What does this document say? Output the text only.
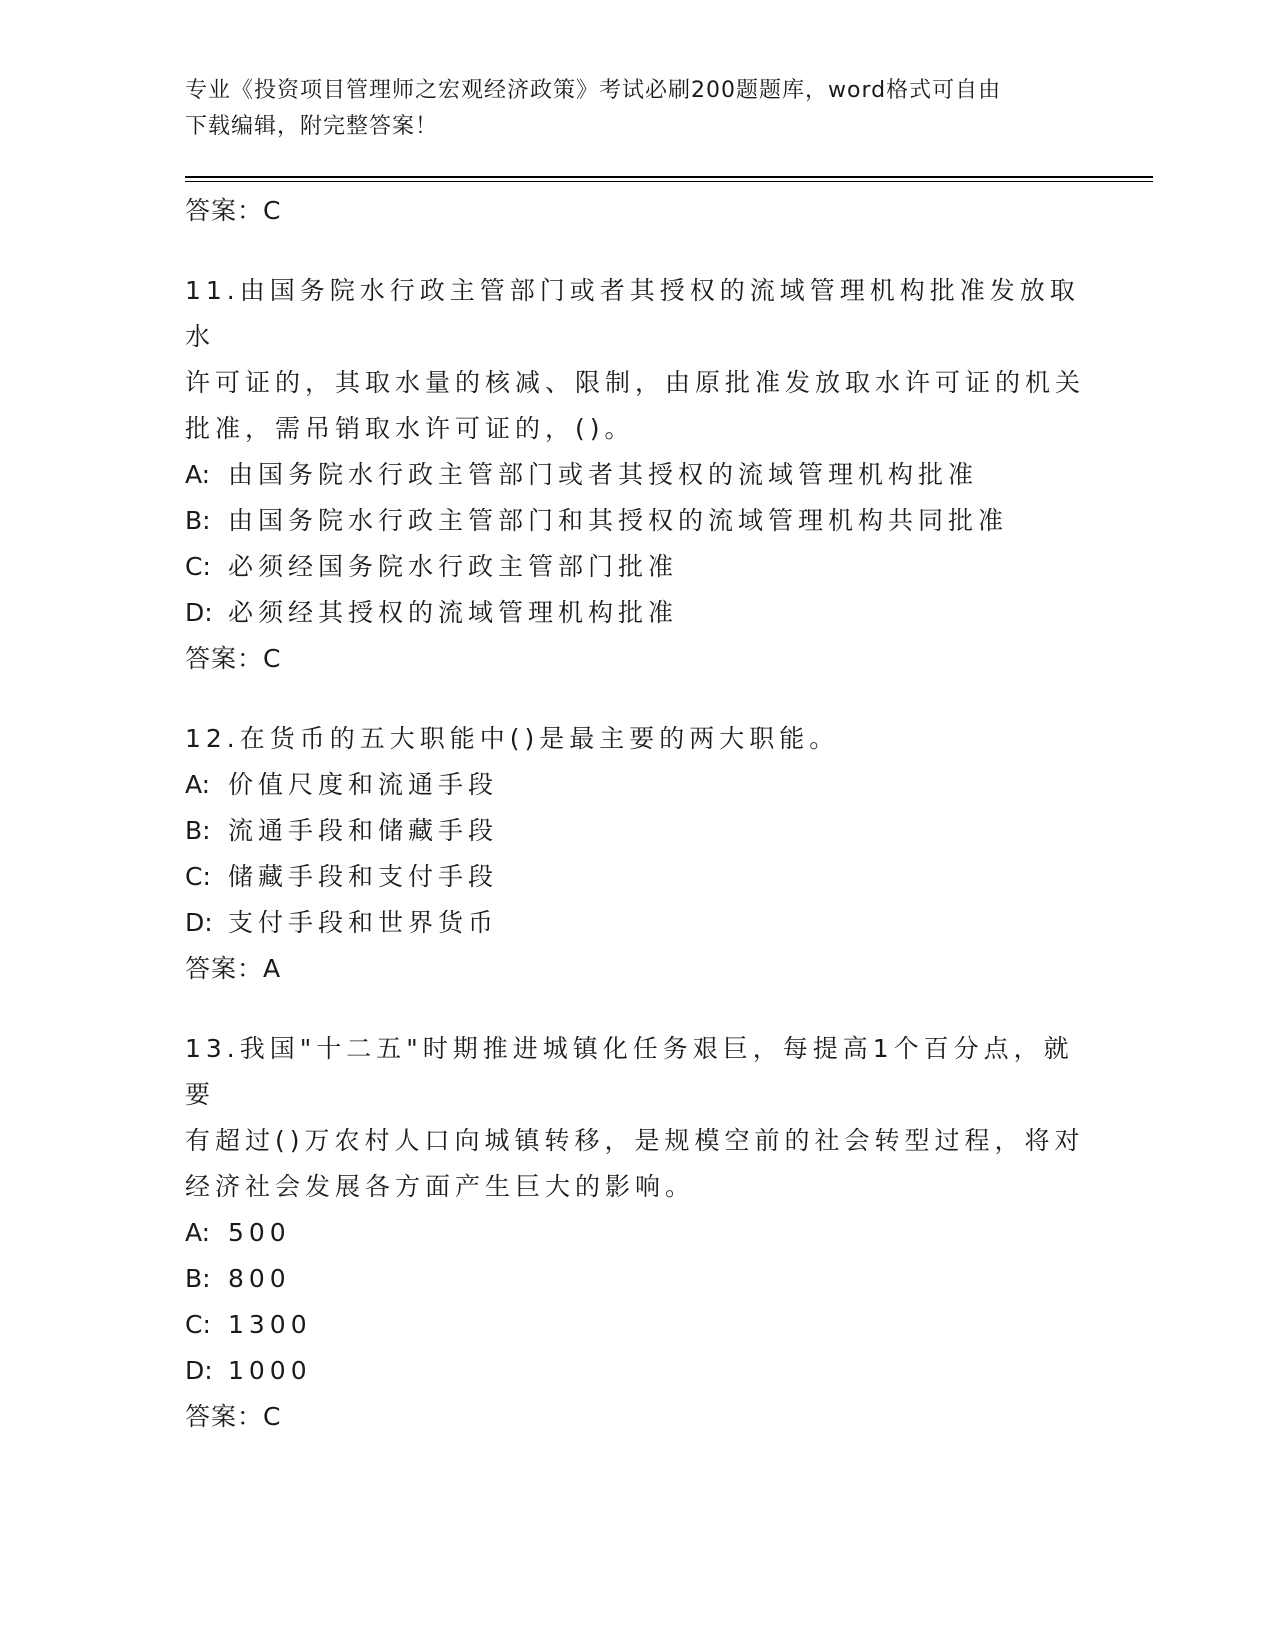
专业《投资项目管理师之宏观经济政策》考试必刷200题题库，word格式可自由
下载编辑，附完整答案！

答案：C

11.由国务院水行政主管部门或者其授权的流域管理机构批准发放取水

许可证的，其取水量的核减、限制，由原批准发放取水许可证的机关

批准，需吊销取水许可证的，()。

A: 由国务院水行政主管部门或者其授权的流域管理机构批准
B: 由国务院水行政主管部门和其授权的流域管理机构共同批准
C: 必须经国务院水行政主管部门批准
D: 必须经其授权的流域管理机构批准

答案：C

12.在货币的五大职能中()是最主要的两大职能。

A: 价值尺度和流通手段
B: 流通手段和储藏手段
C: 储藏手段和支付手段
D: 支付手段和世界货币

答案：A

13.我国"十二五"时期推进城镇化任务艰巨，每提高1个百分点，就要

有超过()万农村人口向城镇转移，是规模空前的社会转型过程，将对

经济社会发展各方面产生巨大的影响。

A: 500
B: 800
C: 1300
D: 1000

答案：C
